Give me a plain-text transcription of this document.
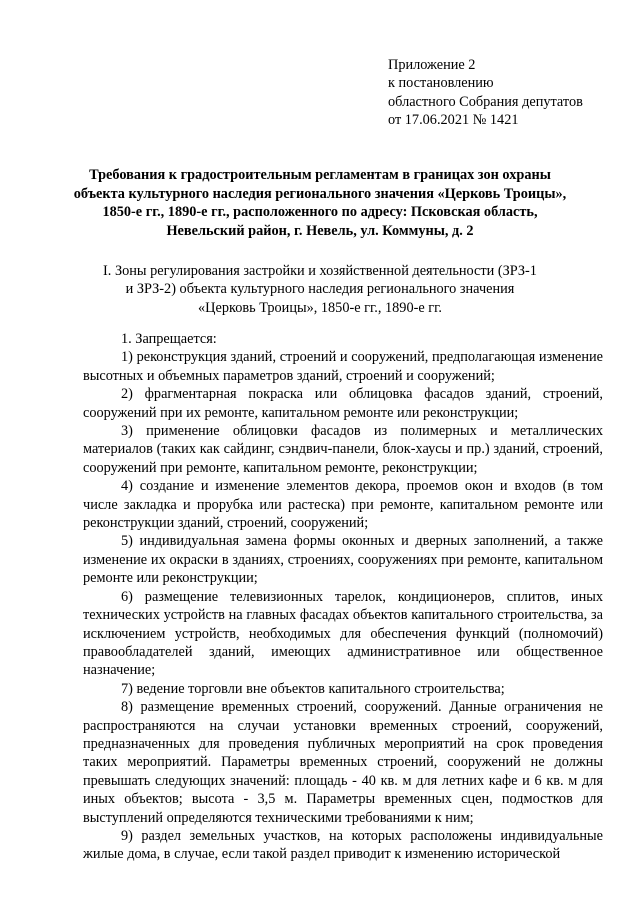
Приложение 2
к постановлению
областного Собрания депутатов
от 17.06.2021 № 1421
Требования к градостроительным регламентам в границах зон охраны объекта культурного наследия регионального значения «Церковь Троицы», 1850-е гг., 1890-е гг., расположенного по адресу: Псковская область, Невельский район, г. Невель, ул. Коммуны, д. 2
I. Зоны регулирования застройки и хозяйственной деятельности (ЗРЗ-1
и ЗРЗ-2) объекта культурного наследия регионального значения
«Церковь Троицы», 1850-е гг., 1890-е гг.

1. Запрещается:

1) реконструкция зданий, строений и сооружений, предполагающая изменение высотных и объемных параметров зданий, строений и сооружений;

2) фрагментарная покраска или облицовка фасадов зданий, строений, сооружений при их ремонте, капитальном ремонте или реконструкции;

3) применение облицовки фасадов из полимерных и металлических материалов (таких как сайдинг, сэндвич-панели, блок-хаусы и пр.) зданий, строений, сооружений при ремонте, капитальном ремонте, реконструкции;

4) создание и изменение элементов декора, проемов окон и входов (в том числе закладка и прорубка или растеска) при ремонте, капитальном ремонте или реконструкции зданий, строений, сооружений;

5) индивидуальная замена формы оконных и дверных заполнений, а также изменение их окраски в зданиях, строениях, сооружениях при ремонте, капитальном ремонте или реконструкции;

6) размещение телевизионных тарелок, кондиционеров, сплитов, иных технических устройств на главных фасадах объектов капитального строительства, за исключением устройств, необходимых для обеспечения функций (полномочий) правообладателей зданий, имеющих административное или общественное назначение;

7) ведение торговли вне объектов капитального строительства;

8) размещение временных строений, сооружений. Данные ограничения не распространяются на случаи установки временных строений, сооружений, предназначенных для проведения публичных мероприятий на срок проведения таких мероприятий. Параметры временных строений, сооружений не должны превышать следующих значений: площадь - 40 кв. м для летних кафе и 6 кв. м для иных объектов; высота - 3,5 м. Параметры временных сцен, подмостков для выступлений определяются техническими требованиями к ним;

9) раздел земельных участков, на которых расположены индивидуальные жилые дома, в случае, если такой раздел приводит к изменению исторической
